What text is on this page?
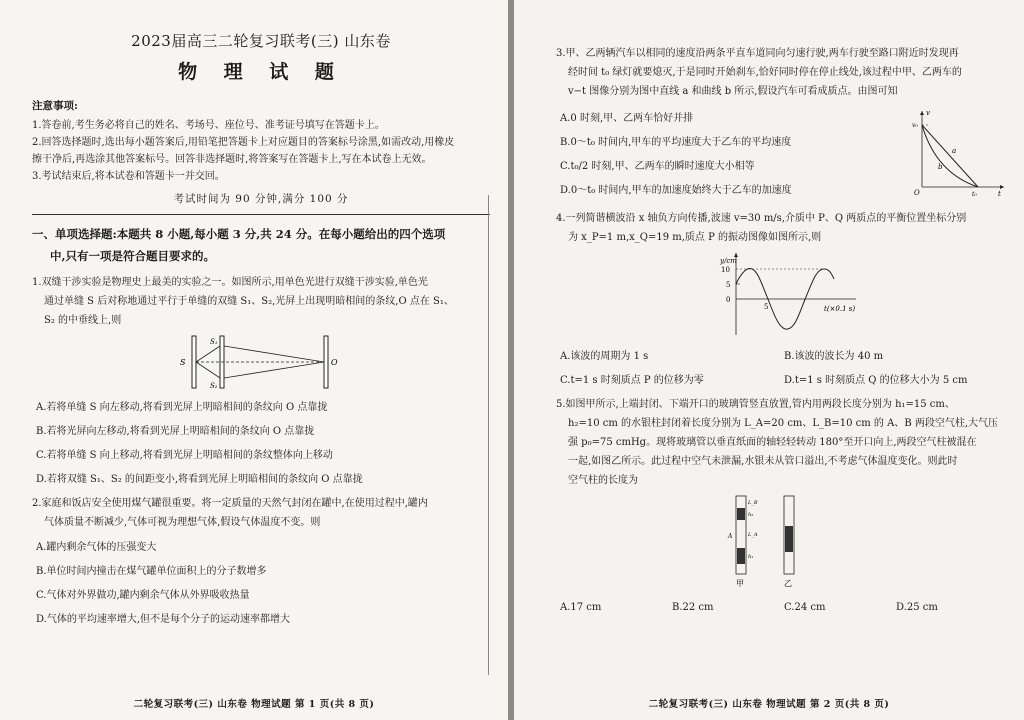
2023届高三二轮复习联考(三) 山东卷
物 理 试 题
注意事项:
1.答卷前,考生务必将自己的姓名、考场号、座位号、准考证号填写在答题卡上。
2.回答选择题时,选出每小题答案后,用铅笔把答题卡上对应题目的答案标号涂黑,如需改动,用橡皮
擦干净后,再选涂其他答案标号。回答非选择题时,将答案写在答题卡上,写在本试卷上无效。
3.考试结束后,将本试卷和答题卡一并交回。
考试时间为 90 分钟,满分 100 分
一、单项选择题:本题共 8 小题,每小题 3 分,共 24 分。在每小题给出的四个选项
中,只有一项是符合题目要求的。
1.双缝干涉实验是物理史上最美的实验之一。如图所示,用单色光进行双缝干涉实验,单色光
通过单缝 S 后对称地通过平行于单缝的双缝 S₁、S₂,光屏上出现明暗相间的条纹,O 点在 S₁、
S₂ 的中垂线上,则
S
S₁
S₂
O
A.若将单缝 S 向左移动,将看到光屏上明暗相间的条纹向 O 点靠拢
B.若将光屏向左移动,将看到光屏上明暗相间的条纹向 O 点靠拢
C.若将单缝 S 向上移动,将看到光屏上明暗相间的条纹整体向上移动
D.若将双缝 S₁、S₂ 的间距变小,将看到光屏上明暗相间的条纹向 O 点靠拢
2.家庭和饭店安全使用煤气罐很重要。将一定质量的天然气封闭在罐中,在使用过程中,罐内
气体质量不断减少,气体可视为理想气体,假设气体温度不变。则
A.罐内剩余气体的压强变大
B.单位时间内撞击在煤气罐单位面积上的分子数增多
C.气体对外界做功,罐内剩余气体从外界吸收热量
D.气体的平均速率增大,但不是每个分子的运动速率都增大
二轮复习联考(三) 山东卷 物理试题 第 1 页(共 8 页)
3.甲、乙两辆汽车以相同的速度沿两条平直车道同向匀速行驶,两车行驶至路口附近时发现再
经时间 t₀ 绿灯就要熄灭,于是同时开始刹车,恰好同时停在停止线处,该过程中甲、乙两车的
v−t 图像分别为图中直线 a 和曲线 b 所示,假设汽车可看成质点。由图可知
A.0 时刻,甲、乙两车恰好并排
B.0～t₀ 时间内,甲车的平均速度大于乙车的平均速度
C.t₀/2 时刻,甲、乙两车的瞬时速度大小相等
D.0～t₀ 时间内,甲车的加速度始终大于乙车的加速度
v
v₀
a
b
O	t₀	t
4.一列简谐横波沿 x 轴负方向传播,波速 v=30 m/s,介质中 P、Q 两质点的平衡位置坐标分别
为 x_P=1 m,x_Q=19 m,质点 P 的振动图像如图所示,则
y/cm
10
5
0
5	t(×0.1 s)
A.该波的周期为 1 s	B.该波的波长为 40 m
C.t=1 s 时刻质点 P 的位移为零	D.t=1 s 时刻质点 Q 的位移大小为 5 cm
5.如图甲所示,上端封闭、下端开口的玻璃管竖直放置,管内用两段长度分别为 h₁=15 cm、
h₂=10 cm 的水银柱封闭着长度分别为 L_A=20 cm、L_B=10 cm 的 A、B 两段空气柱,大气压
强 p₀=75 cmHg。现将玻璃管以垂直纸面的轴轻轻转动 180°至开口向上,两段空气柱被混在
一起,如图乙所示。此过程中空气未泄漏,水银未从管口溢出,不考虑气体温度变化。则此时
空气柱的长度为
L_B
h₂
A	L_A
h₁
甲	乙
A.17 cm	B.22 cm	C.24 cm	D.25 cm
二轮复习联考(三) 山东卷 物理试题 第 2 页(共 8 页)
